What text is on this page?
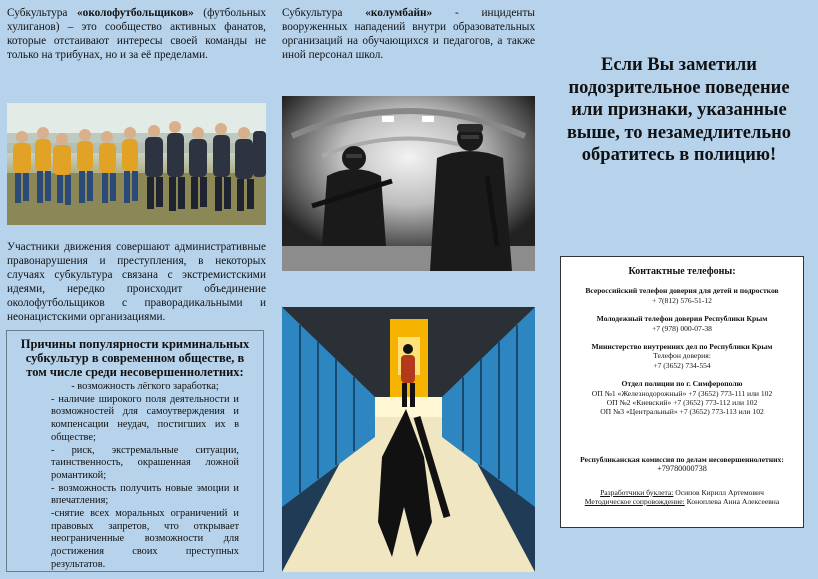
Субкультура «околофутбольщиков» (футбольных хулиганов) – это сообщество активных фанатов, которые отстаивают интересы своей команды не только на трибунах, но и за её пределами.
Участники движения совершают административные правонарушения и преступления, в некоторых случаях субкультура связана с экстремистскими идеями, нередко происходит объединение околофутбольщиков с праворадикальными и неонацистскими организациями.
Причины популярности криминальных субкультур в современном обществе, в том числе среди несовершеннолетних:
- возможность лёгкого заработка;
- наличие широкого поля деятельности и возможностей для самоутверждения и компенсации неудач, постигших их в обществе;
- риск, экстремальные ситуации, таинственность, окрашенная ложной романтикой;
- возможность получить новые эмоции и впечатления;
-снятие всех моральных ограничений и правовых запретов, что открывает неограниченные возможности для достижения своих преступных результатов.
Субкультура «колумбайн» - инциденты вооруженных нападений внутри образовательных организаций на обучающихся и педагогов, а также иной персонал школ.	Если Вы заметили подозрительное поведение или признаки, указанные выше, то незамедлительно обратитесь в полицию!
Контактные телефоны:
Всероссийский телефон доверия для детей и подростков
+ 7(812) 576-51-12
Молодежный телефон доверия Республики Крым
+7 (978) 000-07-38
Министерство внутренних дел по Республики Крым
Телефон доверия:
+7 (3652) 734-554
Отдел полиции по г. Симферополю
ОП №1 «Железнодорожный» +7 (3652) 773-111 или 102
ОП №2 «Киевский» +7 (3652) 773-112 или 102
ОП №3 «Центральный» +7 (3652) 773-113 или 102
Республиканская комиссия по делам несовершеннолетних:
+79780000738
Разработчики буклета: Осипов Кирилл Артемович
Методическое сопровождение: Коноплева Анна Алексеевна
